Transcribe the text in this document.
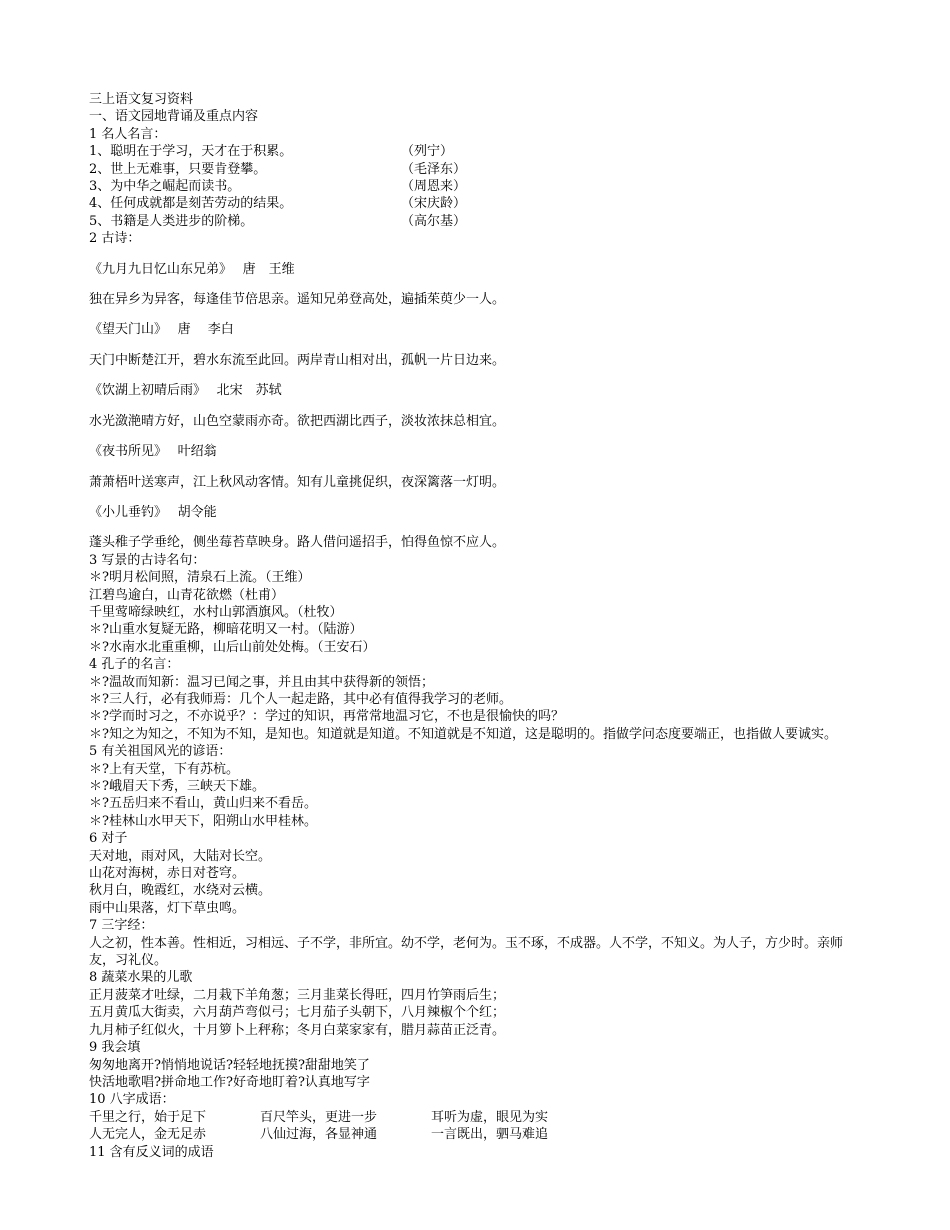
三上语文复习资料

一、语文园地背诵及重点内容

1 名人名言：

1、聪明在于学习，天才在于积累。	（列宁）
2、世上无难事，只要肯登攀。	（毛泽东）
3、为中华之崛起而读书。	（周恩来）
4、任何成就都是刻苦劳动的结果。	（宋庆龄）
5、书籍是人类进步的阶梯。	（高尔基）

2 古诗：

《九月九日忆山东兄弟》　 唐　王维

独在异乡为异客，每逢佳节倍思亲。遥知兄弟登高处，遍插茱萸少一人。

《望天门山》　 唐　 李白

天门中断楚江开，碧水东流至此回。两岸青山相对出，孤帆一片日边来。

《饮湖上初晴后雨》　 北宋　苏轼

水光潋滟晴方好，山色空蒙雨亦奇。欲把西湖比西子，淡妆浓抹总相宜。

《夜书所见》　 叶绍翁

萧萧梧叶送寒声，江上秋风动客情。知有儿童挑促织，夜深篱落一灯明。

《小儿垂钓》　 胡令能

蓬头稚子学垂纶，侧坐莓苔草映身。路人借问遥招手，怕得鱼惊不应人。

3 写景的古诗名句：

＊?明月松间照，清泉石上流。（王维）

江碧鸟逾白，山青花欲燃（杜甫）

千里莺啼绿映红，水村山郭酒旗风。（杜牧）

＊?山重水复疑无路，柳暗花明又一村。（陆游）

＊?水南水北重重柳，山后山前处处梅。（王安石）

4 孔子的名言：

＊?温故而知新：温习已闻之事，并且由其中获得新的领悟；

＊?三人行，必有我师焉：几个人一起走路，其中必有值得我学习的老师。

＊?学而时习之，不亦说乎？：学过的知识，再常常地温习它，不也是很愉快的吗？

＊?知之为知之，不知为不知，是知也。知道就是知道。不知道就是不知道，这是聪明的。指做学问态度要端正，也指做人要诚实。

5 有关祖国风光的谚语：

＊?上有天堂，下有苏杭。

＊?峨眉天下秀，三峡天下雄。

＊?五岳归来不看山，黄山归来不看岳。

＊?桂林山水甲天下，阳朔山水甲桂林。

6 对子

天对地，雨对风，大陆对长空。

山花对海树，赤日对苍穹。

秋月白，晚霞红，水绕对云横。

雨中山果落，灯下草虫鸣。

7 三字经：

人之初，性本善。性相近，习相远、子不学，非所宜。幼不学，老何为。玉不琢，不成器。人不学，不知义。为人子，方少时。亲师友，习礼仪。

8 蔬菜水果的儿歌

正月菠菜才吐绿，二月栽下羊角葱；三月韭菜长得旺，四月竹笋雨后生；

五月黄瓜大街卖，六月葫芦弯似弓；七月茄子头朝下，八月辣椒个个红；

九月柿子红似火，十月箩卜上秤称；冬月白菜家家有，腊月蒜苗正泛青。

9 我会填

匆匆地离开?悄悄地说话?轻轻地抚摸?甜甜地笑了

快活地歌唱?拼命地工作?好奇地盯着?认真地写字

10 八字成语：

千里之行，始于足下	百尺竿头，更进一步	耳听为虚，眼见为实
人无完人，金无足赤	八仙过海，各显神通	一言既出，驷马难追

11 含有反义词的成语
